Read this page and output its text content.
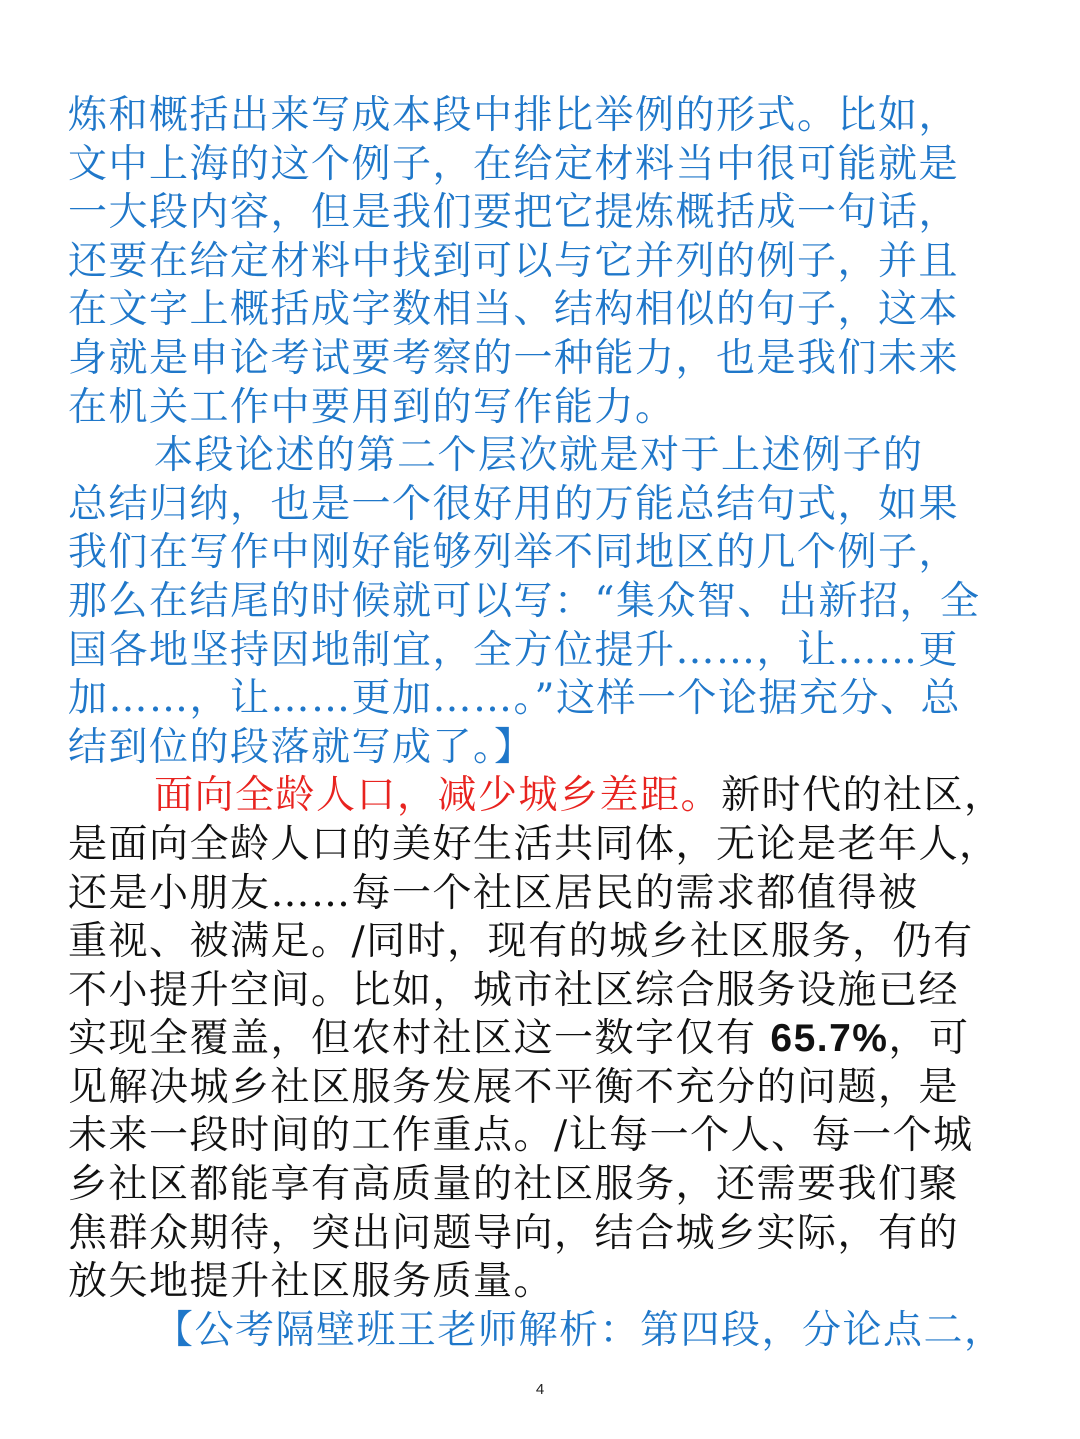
炼和概括出来写成本段中排比举例的形式。比如，
文中上海的这个例子，在给定材料当中很可能就是
一大段内容，但是我们要把它提炼概括成一句话，
还要在给定材料中找到可以与它并列的例子，并且
在文字上概括成字数相当、结构相似的句子，这本
身就是申论考试要考察的一种能力，也是我们未来
在机关工作中要用到的写作能力。
本段论述的第二个层次就是对于上述例子的
总结归纳，也是一个很好用的万能总结句式，如果
我们在写作中刚好能够列举不同地区的几个例子，
那么在结尾的时候就可以写：“集众智、出新招，全
国各地坚持因地制宜，全方位提升……，让……更
加……，让……更加……。”这样一个论据充分、总
结到位的段落就写成了。】
面向全龄人口，减少城乡差距。新时代的社区，
是面向全龄人口的美好生活共同体，无论是老年人，
还是小朋友……每一个社区居民的需求都值得被
重视、被满足。/同时，现有的城乡社区服务，仍有
不小提升空间。比如，城市社区综合服务设施已经
实现全覆盖，但农村社区这一数字仅有 65.7%，可
见解决城乡社区服务发展不平衡不充分的问题，是
未来一段时间的工作重点。/让每一个人、每一个城
乡社区都能享有高质量的社区服务，还需要我们聚
焦群众期待，突出问题导向，结合城乡实际，有的
放矢地提升社区服务质量。
【公考隔壁班王老师解析：第四段，分论点二，
4
